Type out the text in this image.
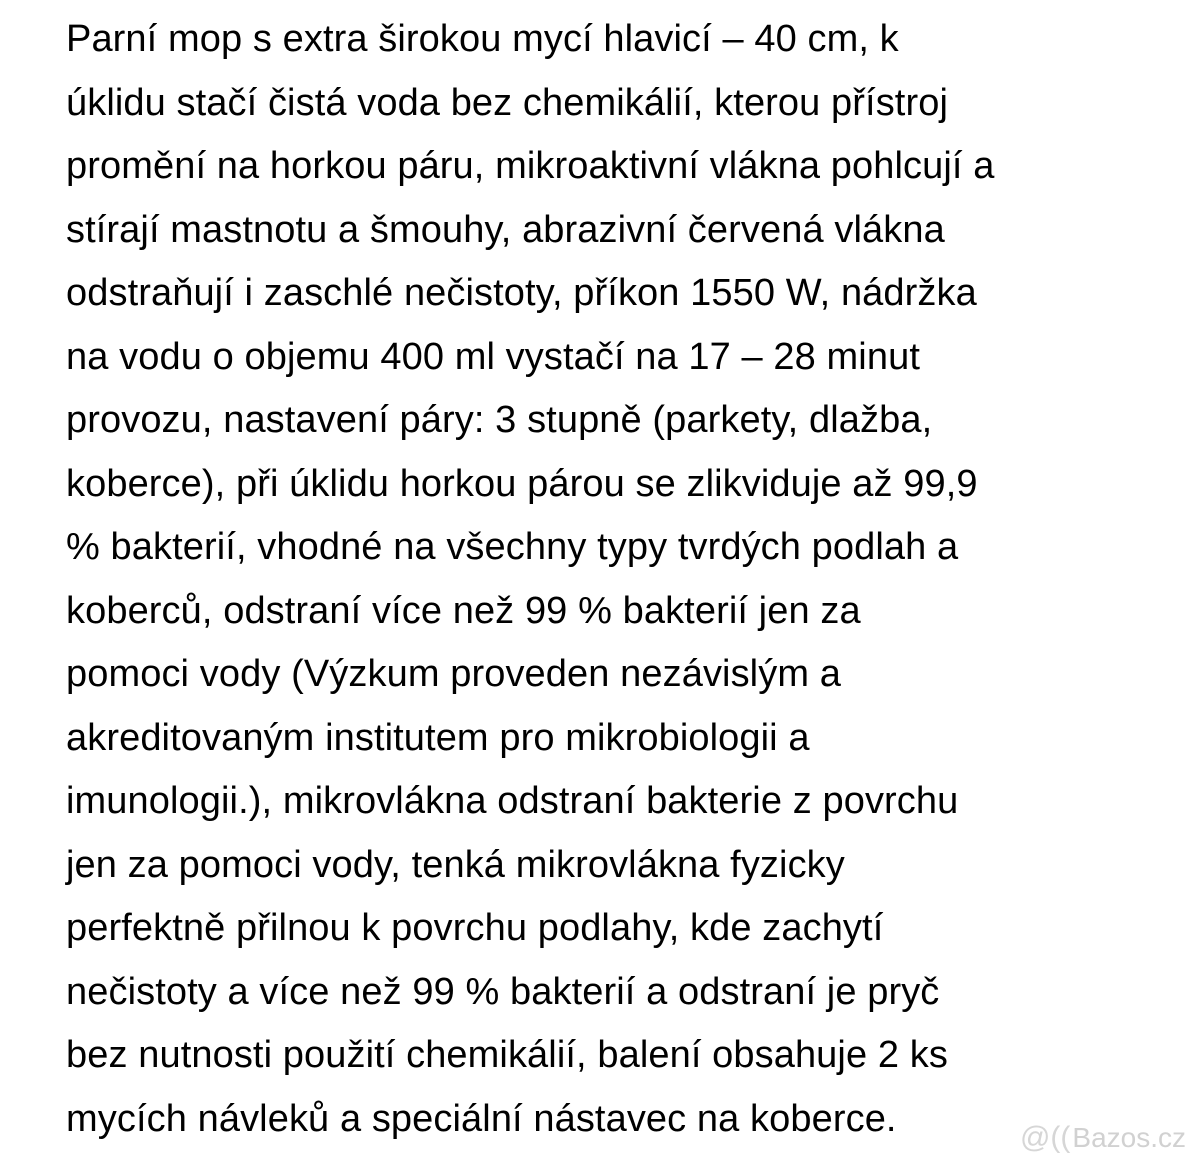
Parní mop s extra širokou mycí hlavicí – 40 cm, k
úklidu stačí čistá voda bez chemikálií, kterou přístroj
promění na horkou páru, mikroaktivní vlákna pohlcují a
stírají mastnotu a šmouhy, abrazivní červená vlákna
odstraňují i zaschlé nečistoty, příkon 1550 W, nádržka
na vodu o objemu 400 ml vystačí na 17 – 28 minut
provozu, nastavení páry: 3 stupně (parkety, dlažba,
koberce), při úklidu horkou párou se zlikviduje až 99,9
% bakterií, vhodné na všechny typy tvrdých podlah a
koberců, odstraní více než 99 % bakterií jen za
pomoci vody (Výzkum proveden nezávislým a
akreditovaným institutem pro mikrobiologii a
imunologii.), mikrovlákna odstraní bakterie z povrchu
jen za pomoci vody, tenká mikrovlákna fyzicky
perfektně přilnou k povrchu podlahy, kde zachytí
nečistoty a více než 99 % bakterií a odstraní je pryč
bez nutnosti použití chemikálií, balení obsahuje 2 ks
mycích návleků a speciální nástavec na koberce.	@(( Bazos.cz
